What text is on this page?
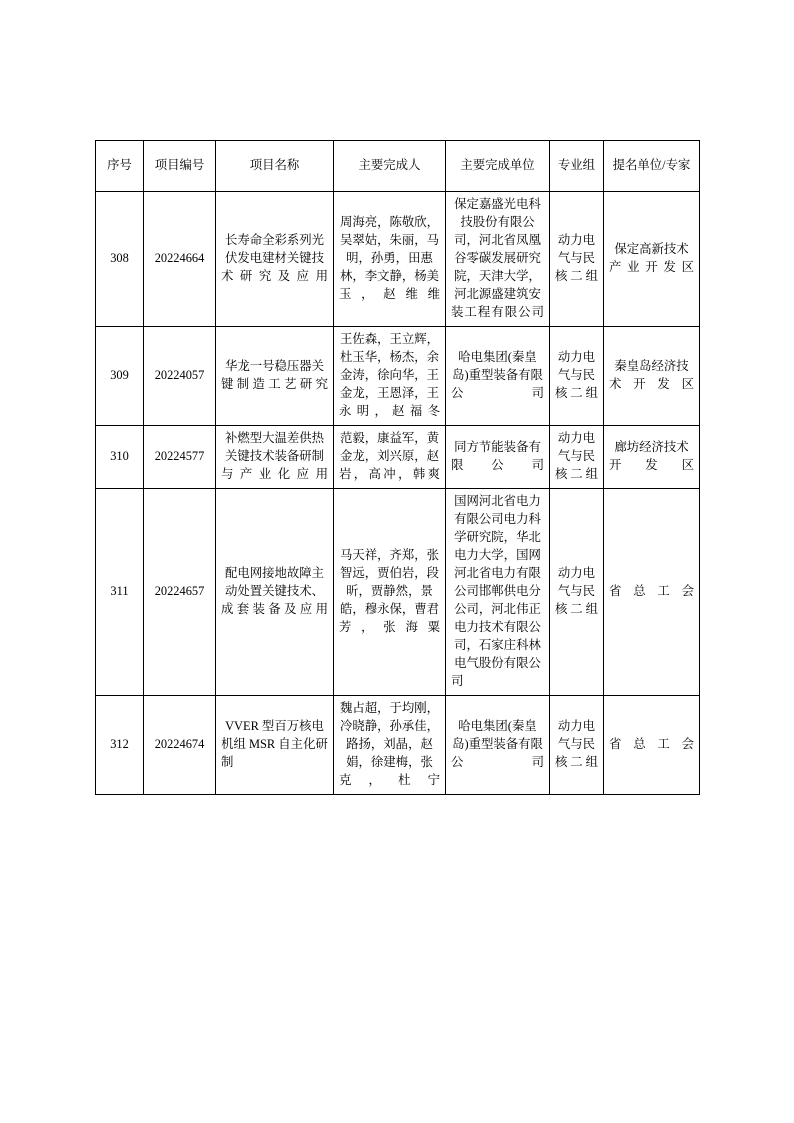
序号	项目编号	项目名称	主要完成人	主要完成单位	专业组	提名单位/专家
308	20224664	长寿命全彩系列光伏发电建材关键技术研究及应用	周海亮，陈敬欣，吴翠姑，朱丽，马明，孙勇，田惠林，李文静，杨美玉，赵维维	保定嘉盛光电科技股份有限公司，河北省凤凰谷零碳发展研究院，天津大学，河北源盛建筑安装工程有限公司	动力电气与民核二组	保定高新技术产业开发区
309	20224057	华龙一号稳压器关键制造工艺研究	王佐森，王立辉，杜玉华，杨杰，余金涛，徐向华，王金龙，王恩泽，王永明，赵福冬	哈电集团(秦皇岛)重型装备有限公司	动力电气与民核二组	秦皇岛经济技术开发区
310	20224577	补燃型大温差供热关键技术装备研制与产业化应用	范毅，康益军，黄金龙，刘兴原，赵岩，高冲，韩爽	同方节能装备有限公司	动力电气与民核二组	廊坊经济技术开发区
311	20224657	配电网接地故障主动处置关键技术、成套装备及应用	马天祥，齐郑，张智远，贾伯岩，段昕，贾静然，景皓，穆永保，曹君芳，张海粟	国网河北省电力有限公司电力科学研究院，华北电力大学，国网河北省电力有限公司邯郸供电分公司，河北伟正电力技术有限公司，石家庄科林电气股份有限公司	动力电气与民核二组	省总工会
312	20224674	VVER 型百万核电机组 MSR 自主化研制	魏占超，于均刚，冷晓静，孙承佳，路扬，刘晶，赵娟，徐建梅，张克，杜宁	哈电集团(秦皇岛)重型装备有限公司	动力电气与民核二组	省总工会
